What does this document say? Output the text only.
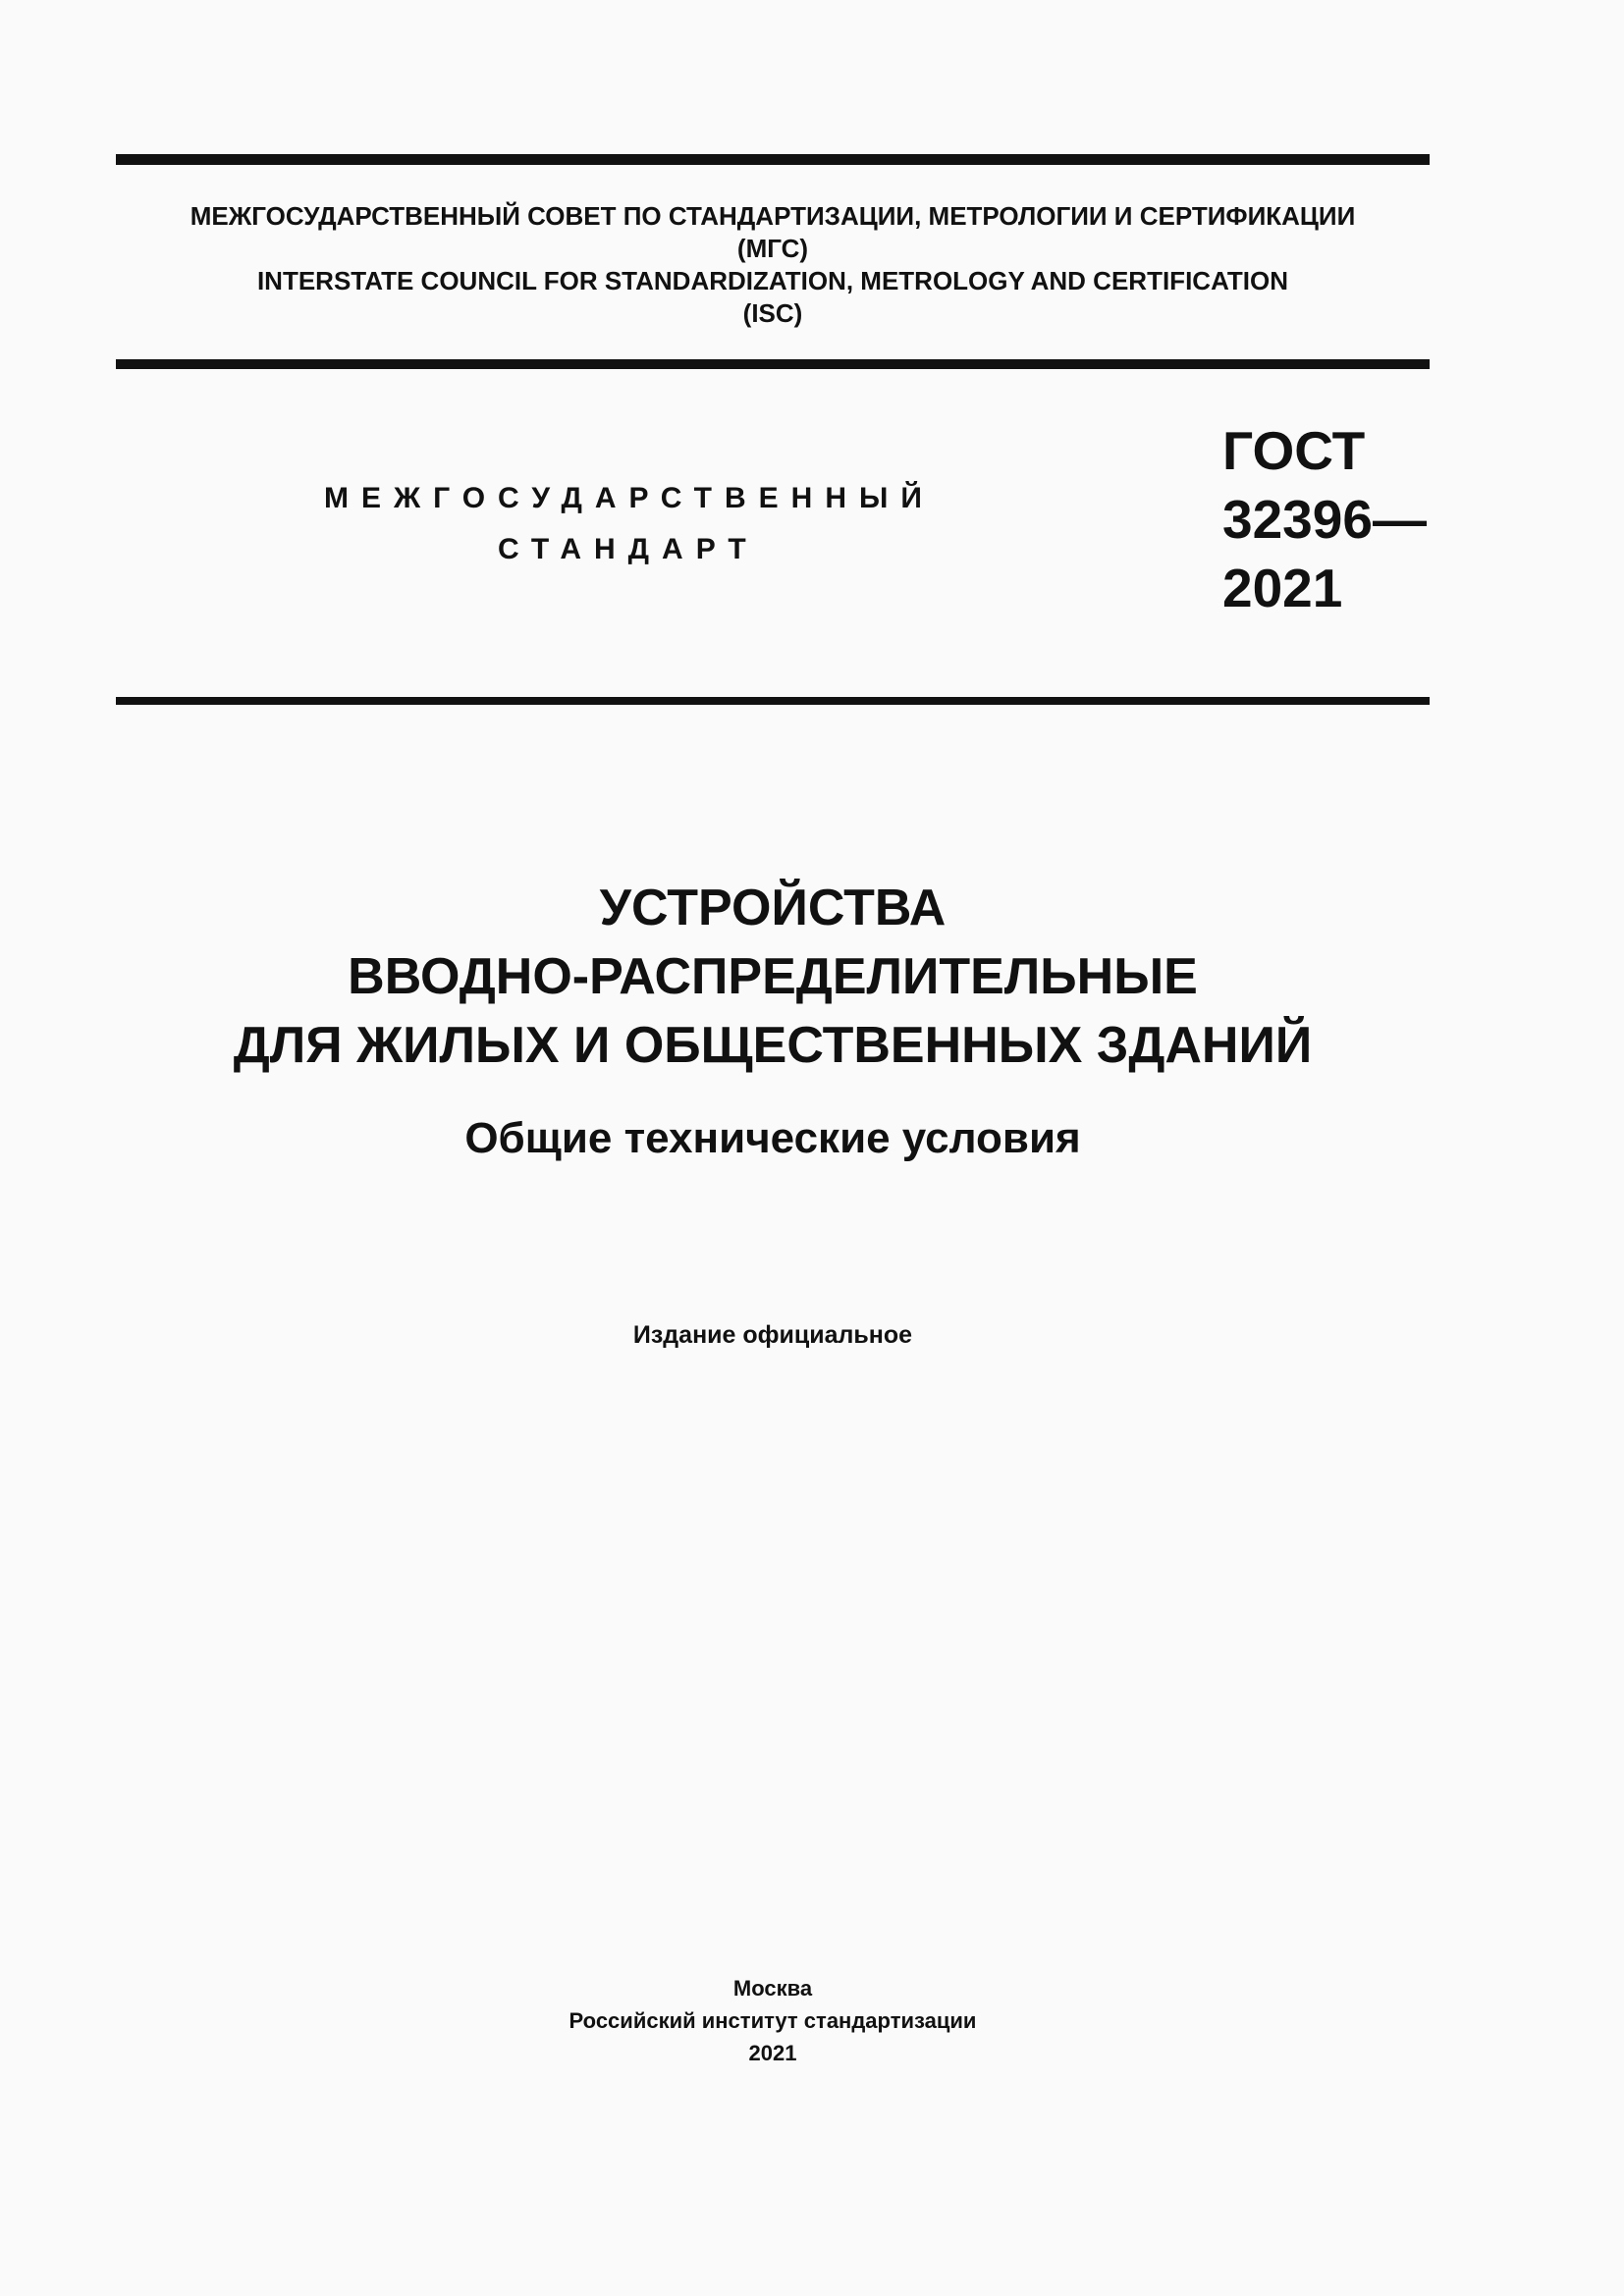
МЕЖГОСУДАРСТВЕННЫЙ СОВЕТ ПО СТАНДАРТИЗАЦИИ, МЕТРОЛОГИИ И СЕРТИФИКАЦИИ
(МГС)
INTERSTATE COUNCIL FOR STANDARDIZATION, METROLOGY AND CERTIFICATION
(ISC)
МЕЖГОСУДАРСТВЕННЫЙ
СТАНДАРТ
ГОСТ
32396—
2021
УСТРОЙСТВА
ВВОДНО-РАСПРЕДЕЛИТЕЛЬНЫЕ
ДЛЯ ЖИЛЫХ И ОБЩЕСТВЕННЫХ ЗДАНИЙ
Общие технические условия
Издание официальное
Москва
Российский институт стандартизации
2021
